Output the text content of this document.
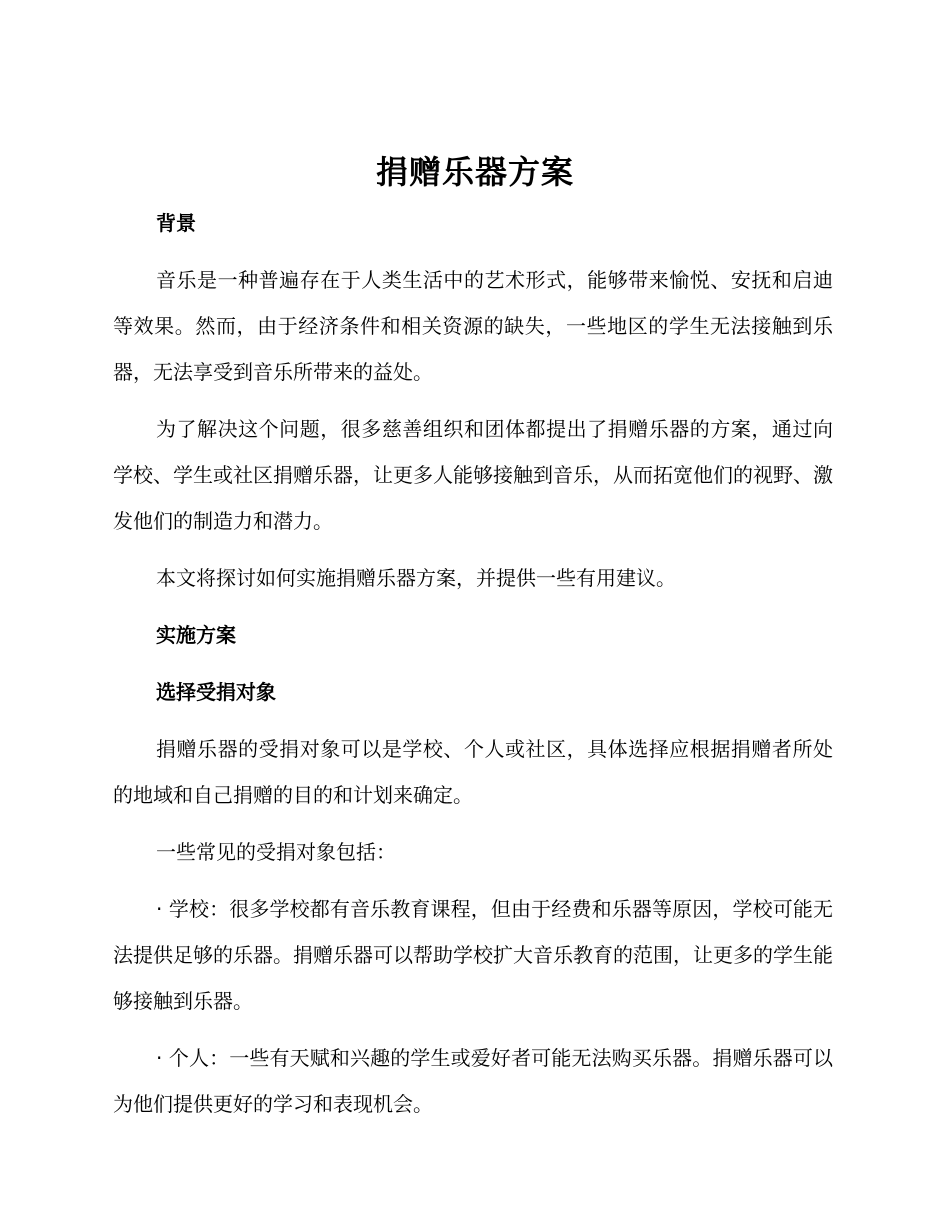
捐赠乐器方案
背景
音乐是一种普遍存在于人类生活中的艺术形式，能够带来愉悦、安抚和启迪等效果。然而，由于经济条件和相关资源的缺失，一些地区的学生无法接触到乐器，无法享受到音乐所带来的益处。
为了解决这个问题，很多慈善组织和团体都提出了捐赠乐器的方案，通过向学校、学生或社区捐赠乐器，让更多人能够接触到音乐，从而拓宽他们的视野、激发他们的制造力和潜力。
本文将探讨如何实施捐赠乐器方案，并提供一些有用建议。
实施方案
选择受捐对象
捐赠乐器的受捐对象可以是学校、个人或社区，具体选择应根据捐赠者所处的地域和自己捐赠的目的和计划来确定。
一些常见的受捐对象包括：
· 学校：很多学校都有音乐教育课程，但由于经费和乐器等原因，学校可能无法提供足够的乐器。捐赠乐器可以帮助学校扩大音乐教育的范围，让更多的学生能够接触到乐器。
· 个人：一些有天赋和兴趣的学生或爱好者可能无法购买乐器。捐赠乐器可以为他们提供更好的学习和表现机会。
